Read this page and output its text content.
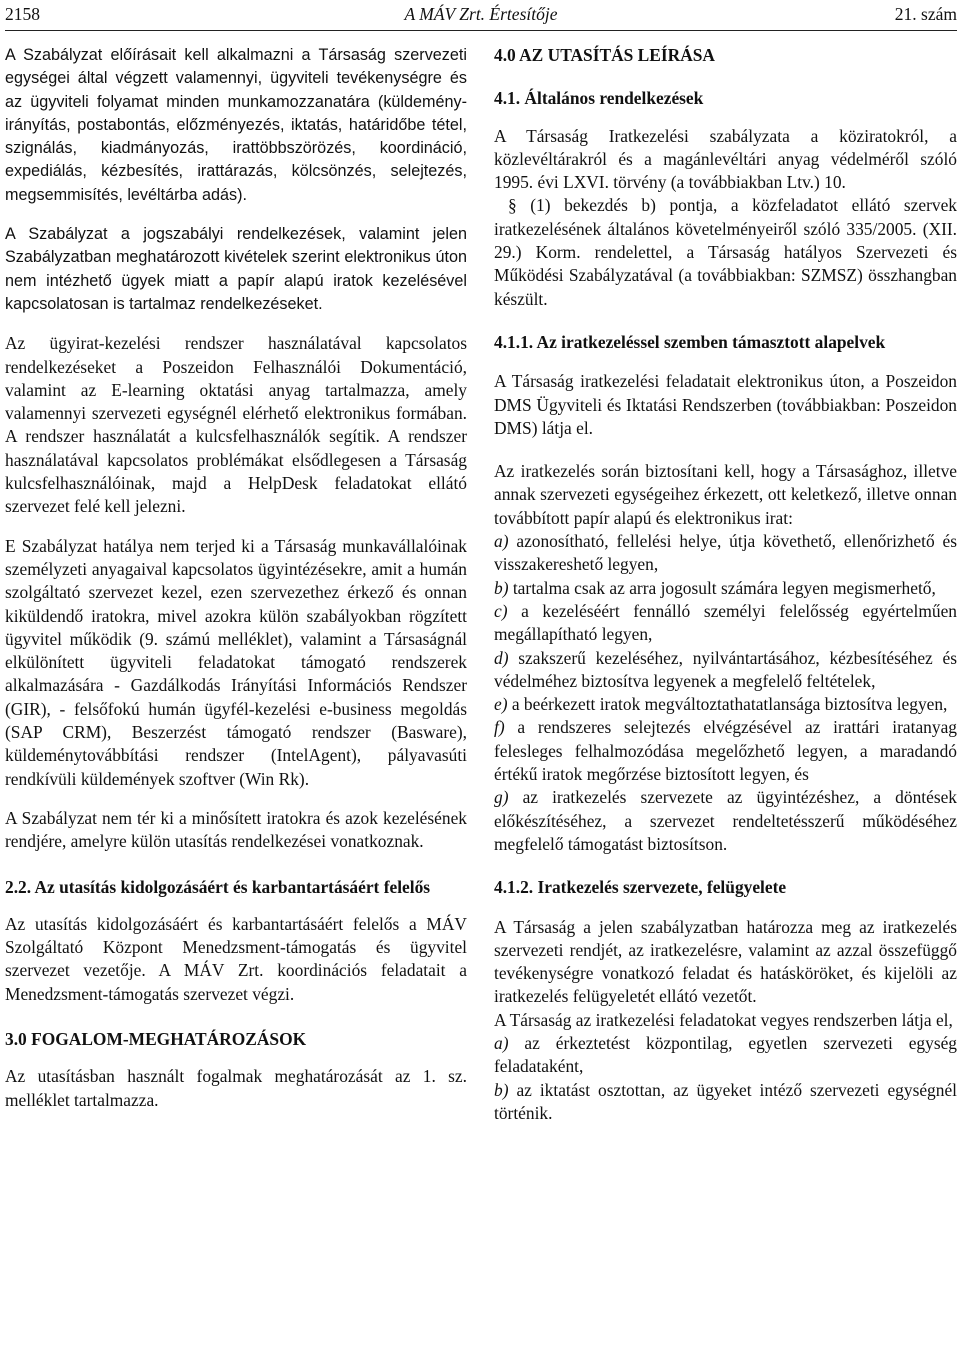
2158	A MÁV Zrt. Értesítője	21. szám

A Szabályzat előírásait kell alkalmazni a Társaság szervezeti egységei által végzett valamennyi, ügyviteli tevékenységre és az ügyviteli folyamat minden munkamozzanatára (küldemény-irányítás, postabontás, előzményezés, iktatás, határidőbe tétel, szignálás, kiadmányozás, irattöbbszörözés, koordináció, expediálás, kézbesítés, irattárazás, kölcsönzés, selejtezés, megsemmisítés, levéltárba adás).

A Szabályzat a jogszabályi rendelkezések, valamint jelen Szabályzatban meghatározott kivételek szerint elektronikus úton nem intézhető ügyek miatt a papír alapú iratok kezelésével kapcsolatosan is tartalmaz rendelkezéseket.

Az ügyirat-kezelési rendszer használatával kapcsolatos rendelkezéseket a Poszeidon Felhasználói Dokumentáció, valamint az E-learning oktatási anyag tartalmazza, amely valamennyi szervezeti egységnél elérhető elektronikus formában. A rendszer használatát a kulcsfelhasználók segítik. A rendszer használatával kapcsolatos problémákat elsődlegesen a Társaság kulcsfelhasználóinak, majd a HelpDesk feladatokat ellátó szervezet felé kell jelezni.

E Szabályzat hatálya nem terjed ki a Társaság munkavállalóinak személyzeti anyagaival kapcsolatos ügyintézésekre, amit a humán szolgáltató szervezet kezel, ezen szervezethez érkező és onnan kiküldendő iratokra, mivel azokra külön szabályokban rögzített ügyvitel működik (9. számú melléklet), valamint a Társaságnál elkülönített ügyviteli feladatokat támogató rendszerek alkalmazására - Gazdálkodás Irányítási Információs Rendszer (GIR), - felsőfokú humán ügyfél-kezelési e-business megoldás (SAP CRM), Beszerzést támogató rendszer (Basware), küldeménytovábbítási rendszer (IntelAgent), pályavasúti rendkívüli küldemények szoftver (Win Rk).

A Szabályzat nem tér ki a minősített iratokra és azok kezelésének rendjére, amelyre külön utasítás rendelkezései vonatkoznak.

2.2. Az utasítás kidolgozásáért és karbantartásáért felelős

Az utasítás kidolgozásáért és karbantartásáért felelős a MÁV Szolgáltató Központ Menedzsment-támogatás és ügyvitel szervezet vezetője. A MÁV Zrt. koordinációs feladatait a Menedzsment-támogatás szervezet végzi.

3.0 FOGALOM-MEGHATÁROZÁSOK

Az utasításban használt fogalmak meghatározását az 1. sz. melléklet tartalmazza.

4.0 AZ UTASÍTÁS LEÍRÁSA
4.1. Általános rendelkezések

A Társaság Iratkezelési szabályzata a köziratokról, a közlevéltárakról és a magánlevéltári anyag védelméről szóló 1995. évi LXVI. törvény (a továbbiakban Ltv.) 10.

§ (1) bekezdés b) pontja, a közfeladatot ellátó szervek iratkezelésének általános követelményeiről szóló 335/2005. (XII. 29.) Korm. rendelettel, a Társaság hatályos Szervezeti és Működési Szabályzatával (a továbbiakban: SZMSZ) összhangban készült.

4.1.1. Az iratkezeléssel szemben támasztott alapelvek

A Társaság iratkezelési feladatait elektronikus úton, a Poszeidon DMS Ügyviteli és Iktatási Rendszerben (továbbiakban: Poszeidon DMS) látja el.

Az iratkezelés során biztosítani kell, hogy a Társasághoz, illetve annak szervezeti egységeihez érkezett, ott keletkező, illetve onnan továbbított papír alapú és elektronikus irat:

a) azonosítható, fellelési helye, útja követhető, ellenőrizhető és visszakereshető legyen,

b) tartalma csak az arra jogosult számára legyen megismerhető,

c) a kezeléséért fennálló személyi felelősség egyértelműen megállapítható legyen,

d) szakszerű kezeléséhez, nyilvántartásához, kézbesítéséhez és védelméhez biztosítva legyenek a megfelelő feltételek,

e) a beérkezett iratok megváltoztathatatlansága biztosítva legyen,

f) a rendszeres selejtezés elvégzésével az irattári iratanyag felesleges felhalmozódása megelőzhető legyen, a maradandó értékű iratok megőrzése biztosított legyen, és

g) az iratkezelés szervezete az ügyintézéshez, a döntések előkészítéséhez, a szervezet rendeltetésszerű működéséhez megfelelő támogatást biztosítson.

4.1.2. Iratkezelés szervezete, felügyelete

A Társaság a jelen szabályzatban határozza meg az iratkezelés szervezeti rendjét, az iratkezelésre, valamint az azzal összefüggő tevékenységre vonatkozó feladat és hatásköröket, és kijelöli az iratkezelés felügyeletét ellátó vezetőt.

A Társaság az iratkezelési feladatokat vegyes rendszerben látja el,

a) az érkeztetést központilag, egyetlen szervezeti egység feladataként,

b) az iktatást osztottan, az ügyeket intéző szervezeti egységnél történik.
